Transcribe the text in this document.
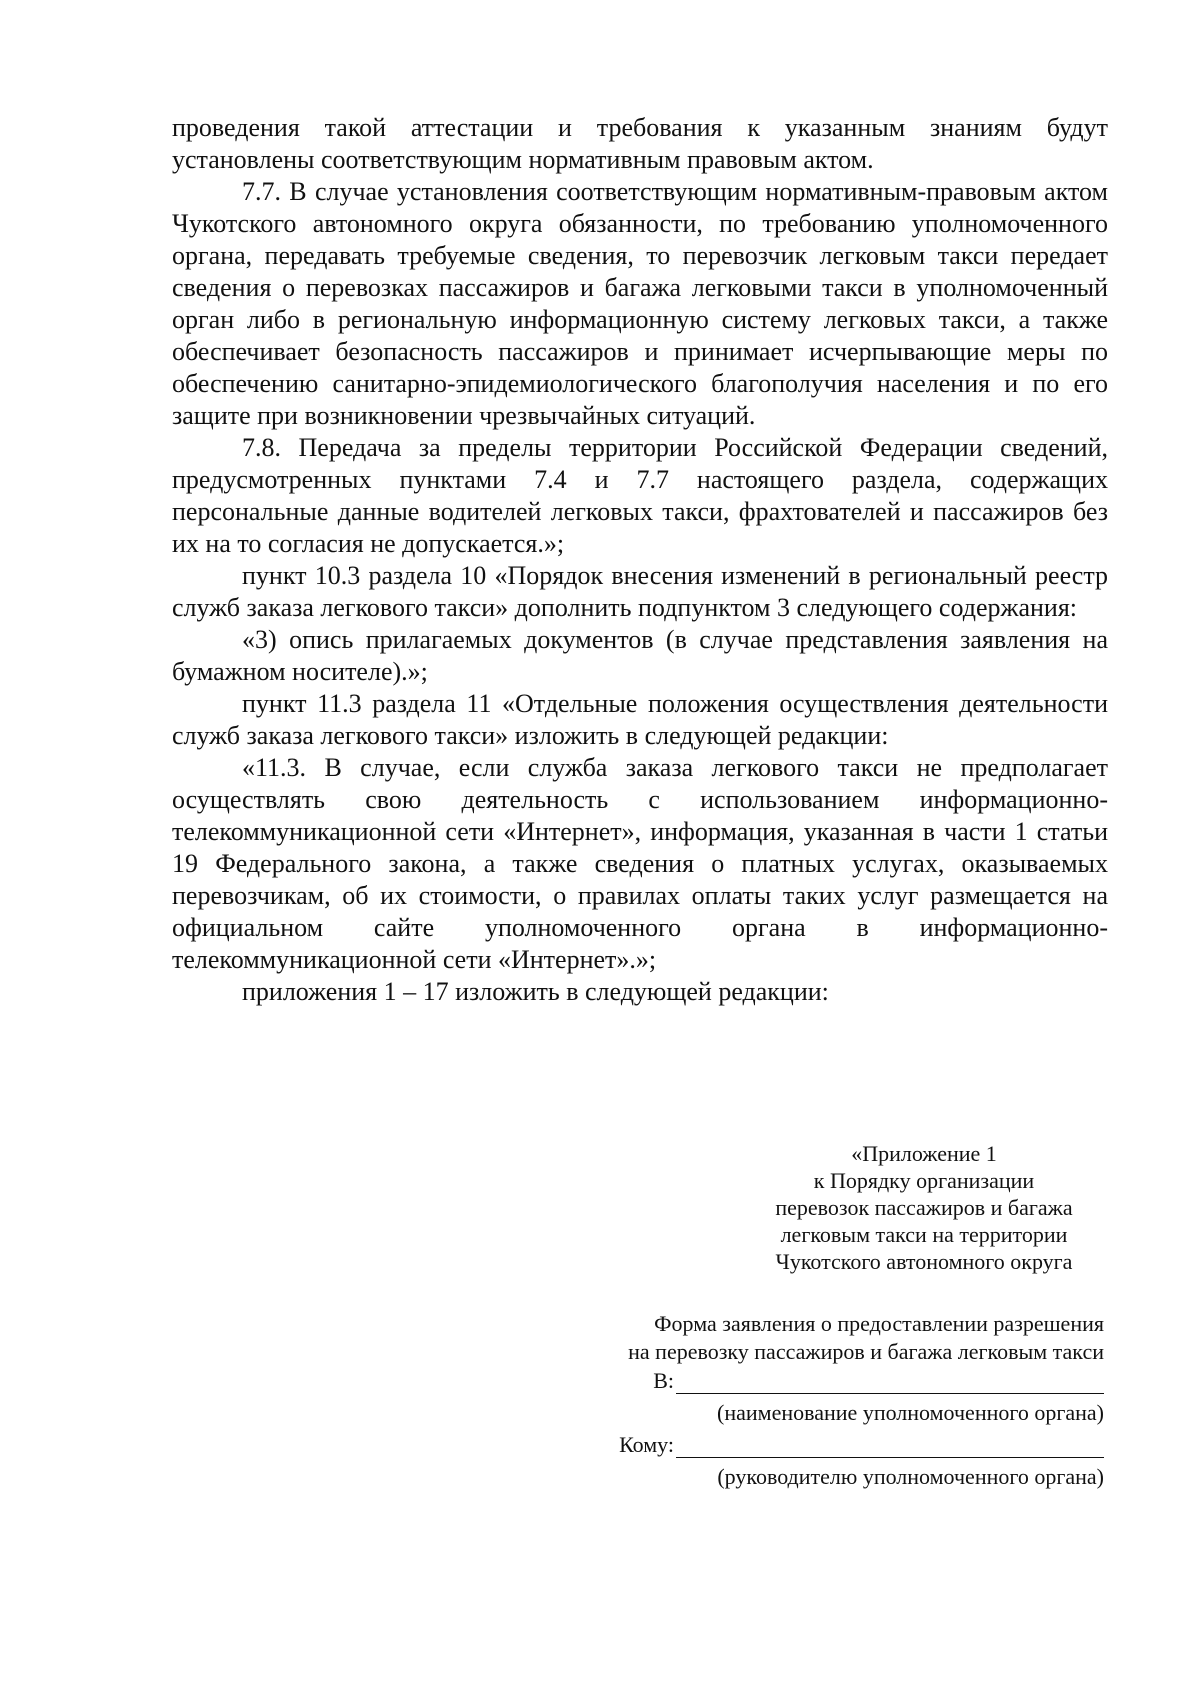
проведения такой аттестации и требования к указанным знаниям будут установлены соответствующим нормативным правовым актом.

7.7. В случае установления соответствующим нормативным-правовым актом Чукотского автономного округа обязанности, по требованию уполномоченного органа, передавать требуемые сведения, то перевозчик легковым такси передает сведения о перевозках пассажиров и багажа легковыми такси в уполномоченный орган либо в региональную информационную систему легковых такси, а также обеспечивает безопасность пассажиров и принимает исчерпывающие меры по обеспечению санитарно-эпидемиологического благополучия населения и по его защите при возникновении чрезвычайных ситуаций.

7.8. Передача за пределы территории Российской Федерации сведений, предусмотренных пунктами 7.4 и 7.7 настоящего раздела, содержащих персональные данные водителей легковых такси, фрахтователей и пассажиров без их на то согласия не допускается.»;

пункт 10.3 раздела 10 «Порядок внесения изменений в региональный реестр служб заказа легкового такси» дополнить подпунктом 3 следующего содержания:

«3) опись прилагаемых документов (в случае представления заявления на бумажном носителе).»;

пункт 11.3 раздела 11 «Отдельные положения осуществления деятельности служб заказа легкового такси» изложить в следующей редакции:

«11.3. В случае, если служба заказа легкового такси не предполагает осуществлять свою деятельность с использованием информационно-телекоммуникационной сети «Интернет», информация, указанная в части 1 статьи 19 Федерального закона, а также сведения о платных услугах, оказываемых перевозчикам, об их стоимости, о правилах оплаты таких услуг размещается на официальном сайте уполномоченного органа в информационно-телекоммуникационной сети «Интернет».»;

приложения 1 – 17 изложить в следующей редакции:

«Приложение 1
к Порядку организации
перевозок пассажиров и багажа
легковым такси на территории
Чукотского автономного округа
Форма заявления о предоставлении разрешения
на перевозку пассажиров и багажа легковым такси
В:
(наименование уполномоченного органа)
Кому:
(руководителю уполномоченного органа)
